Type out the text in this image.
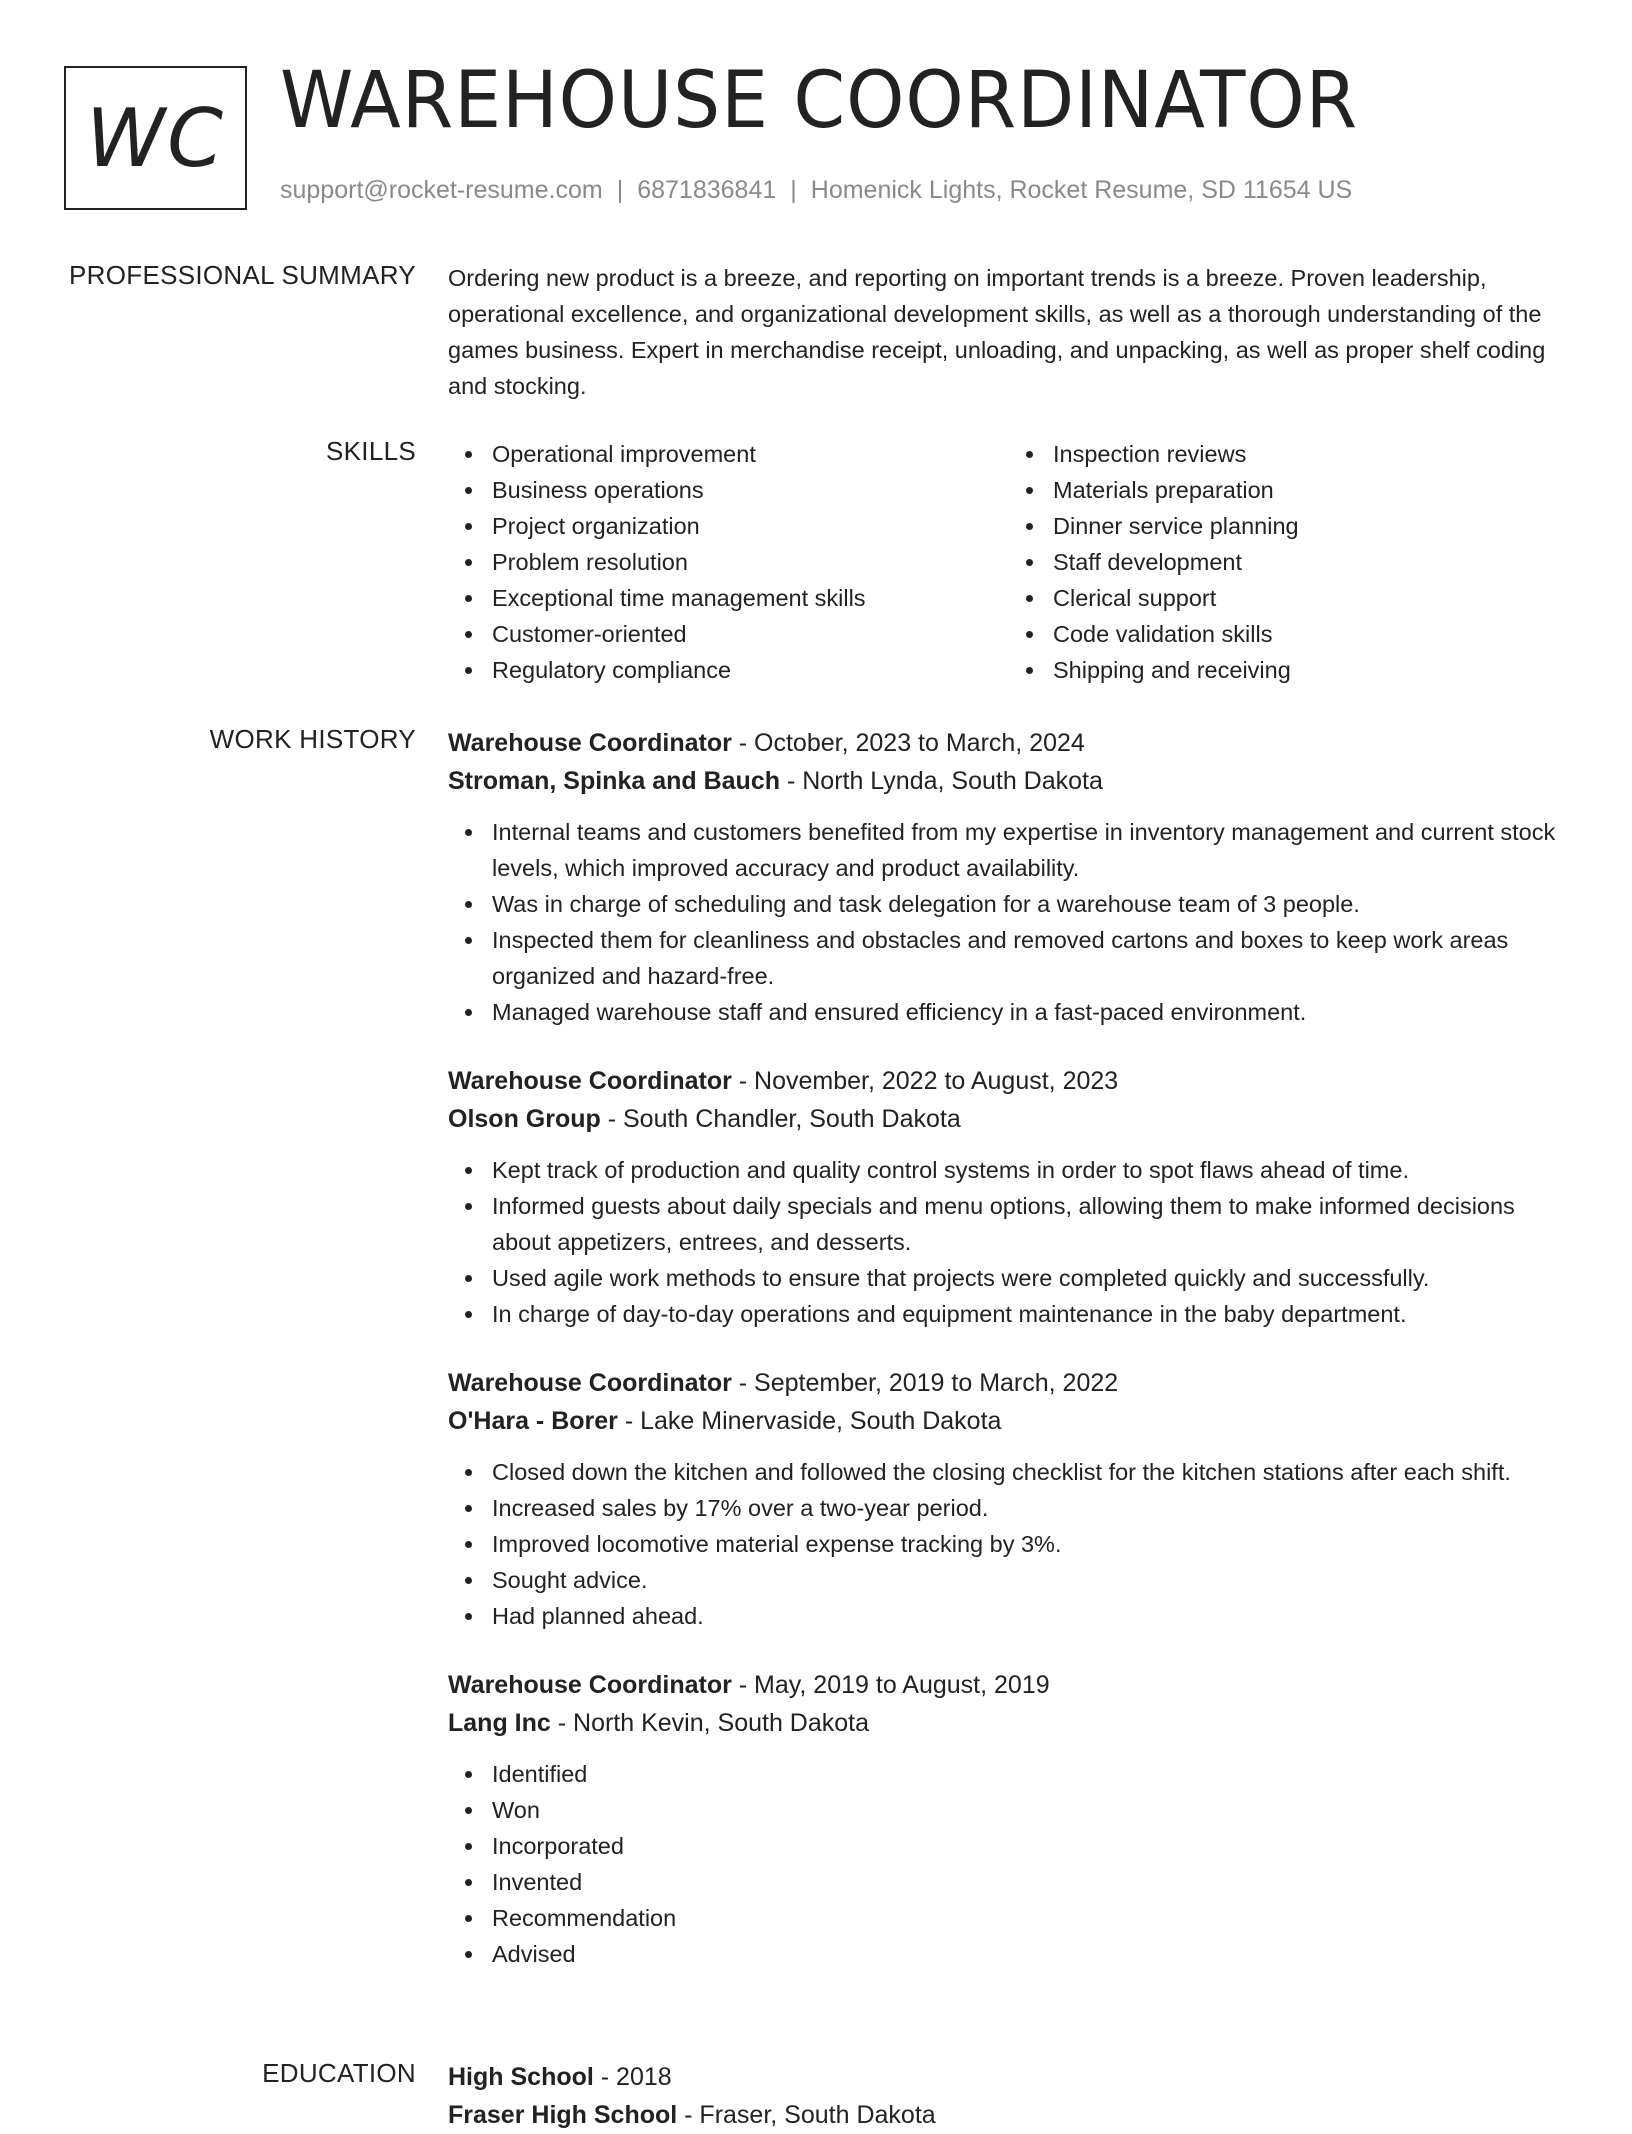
WC WAREHOUSE COORDINATOR
support@rocket-resume.com | 6871836841 | Homenick Lights, Rocket Resume, SD 11654 US
PROFESSIONAL SUMMARY Ordering new product is a breeze, and reporting on important trends is a breeze. Proven leadership, operational excellence, and organizational development skills, as well as a thorough understanding of the games business. Expert in merchandise receipt, unloading, and unpacking, as well as proper shelf coding and stocking.

SKILLS	Operational improvement
Business operations
Project organization
Problem resolution
Exceptional time management skills
Customer-oriented
Regulatory compliance
Inspection reviews
Materials preparation
Dinner service planning
Staff development
Clerical support
Code validation skills
Shipping and receiving
WORK HISTORY Warehouse Coordinator - October, 2023 to March, 2024
Stroman, Spinka and Bauch - North Lynda, South Dakota
Internal teams and customers benefited from my expertise in inventory management and current stock levels, which improved accuracy and product availability.
Was in charge of scheduling and task delegation for a warehouse team of 3 people.
Inspected them for cleanliness and obstacles and removed cartons and boxes to keep work areas organized and hazard-free.
Managed warehouse staff and ensured efficiency in a fast-paced environment.
Warehouse Coordinator - November, 2022 to August, 2023
Olson Group - South Chandler, South Dakota
Kept track of production and quality control systems in order to spot flaws ahead of time.
Informed guests about daily specials and menu options, allowing them to make informed decisions about appetizers, entrees, and desserts.
Used agile work methods to ensure that projects were completed quickly and successfully.
In charge of day-to-day operations and equipment maintenance in the baby department.
Warehouse Coordinator - September, 2019 to March, 2022
O'Hara - Borer - Lake Minervaside, South Dakota
Closed down the kitchen and followed the closing checklist for the kitchen stations after each shift.
Increased sales by 17% over a two-year period.
Improved locomotive material expense tracking by 3%.
Sought advice.
Had planned ahead.
Warehouse Coordinator - May, 2019 to August, 2019
Lang Inc - North Kevin, South Dakota
Identified
Won
Incorporated
Invented
Recommendation
Advised
EDUCATION High School - 2018
Fraser High School - Fraser, South Dakota
